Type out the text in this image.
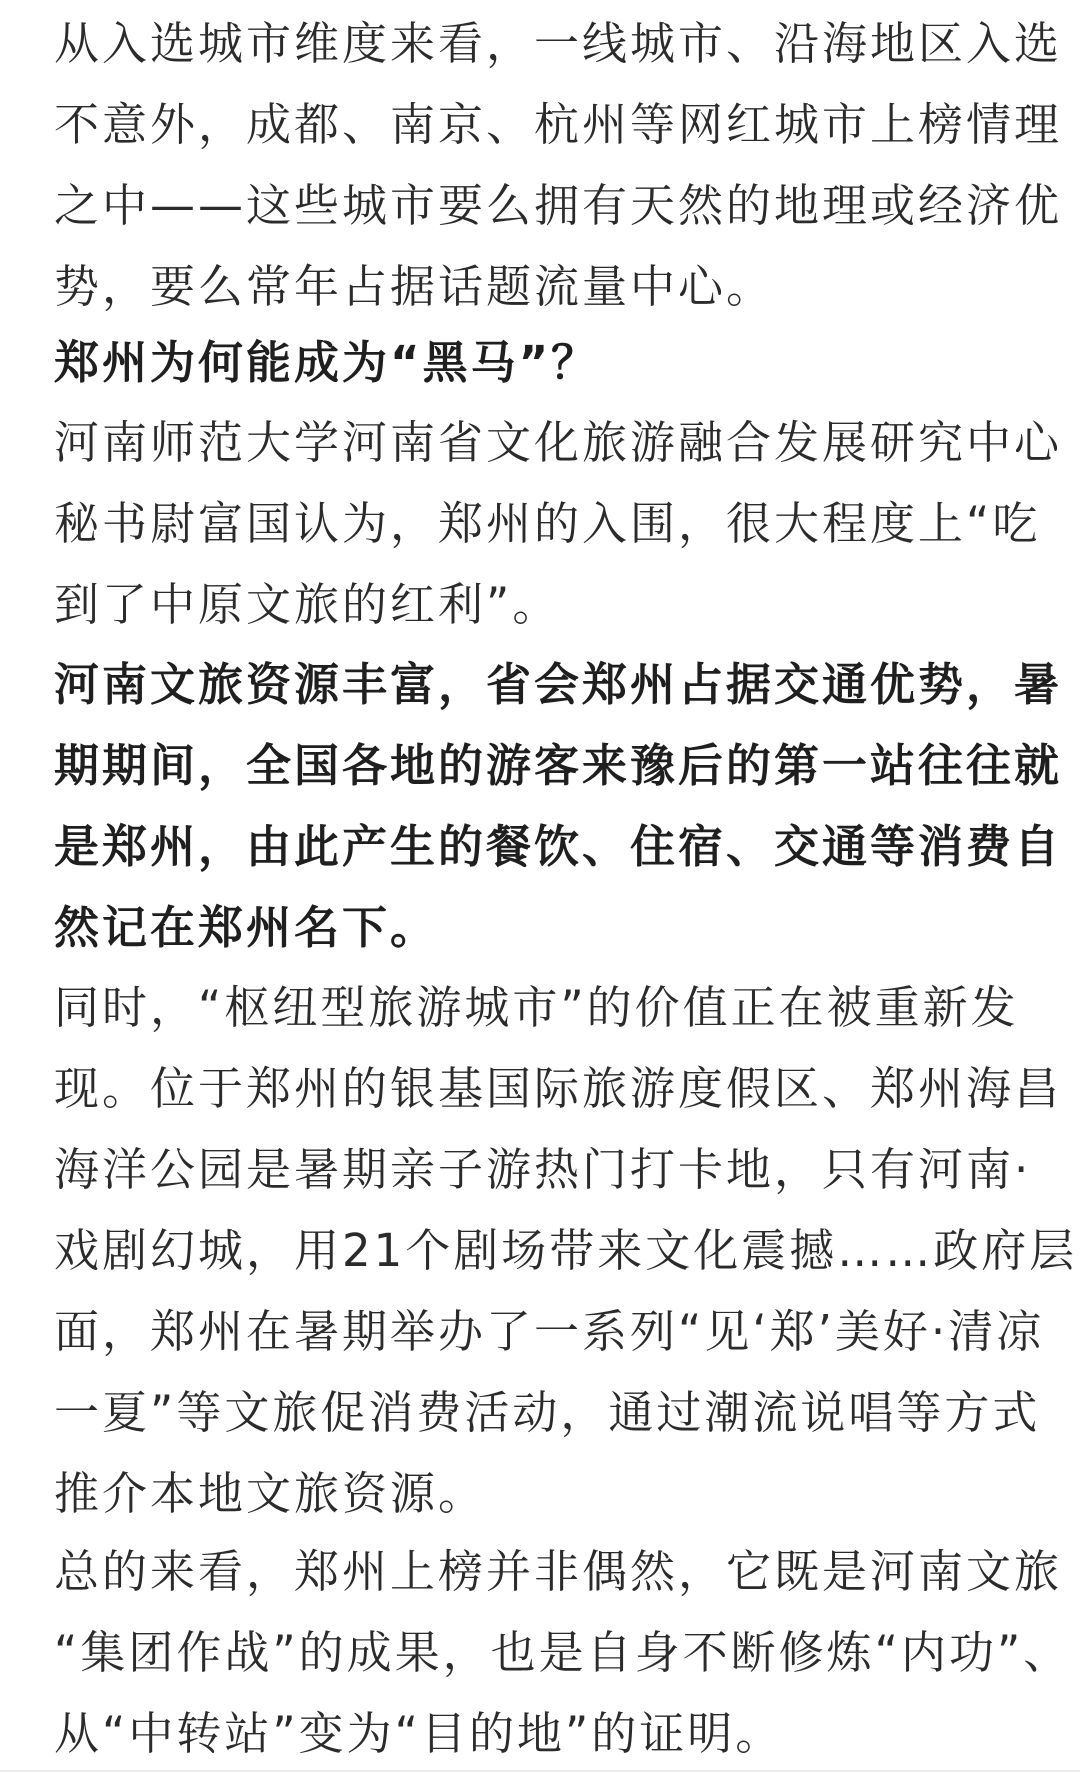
从入选城市维度来看，一线城市、沿海地区入选
不意外，成都、南京、杭州等网红城市上榜情理
之中——这些城市要么拥有天然的地理或经济优
势，要么常年占据话题流量中心。
郑州为何能成为“黑马”？
河南师范大学河南省文化旅游融合发展研究中心
秘书尉富国认为，郑州的入围，很大程度上“吃
到了中原文旅的红利”。
河南文旅资源丰富，省会郑州占据交通优势，暑
期期间，全国各地的游客来豫后的第一站往往就
是郑州，由此产生的餐饮、住宿、交通等消费自
然记在郑州名下。
同时，“枢纽型旅游城市”的价值正在被重新发
现。位于郑州的银基国际旅游度假区、郑州海昌
海洋公园是暑期亲子游热门打卡地，只有河南·
戏剧幻城，用21个剧场带来文化震撼……政府层
面，郑州在暑期举办了一系列“见‘郑’美好·清凉
一夏”等文旅促消费活动，通过潮流说唱等方式
推介本地文旅资源。
总的来看，郑州上榜并非偶然，它既是河南文旅
“集团作战”的成果，也是自身不断修炼“内功”、
从“中转站”变为“目的地”的证明。
